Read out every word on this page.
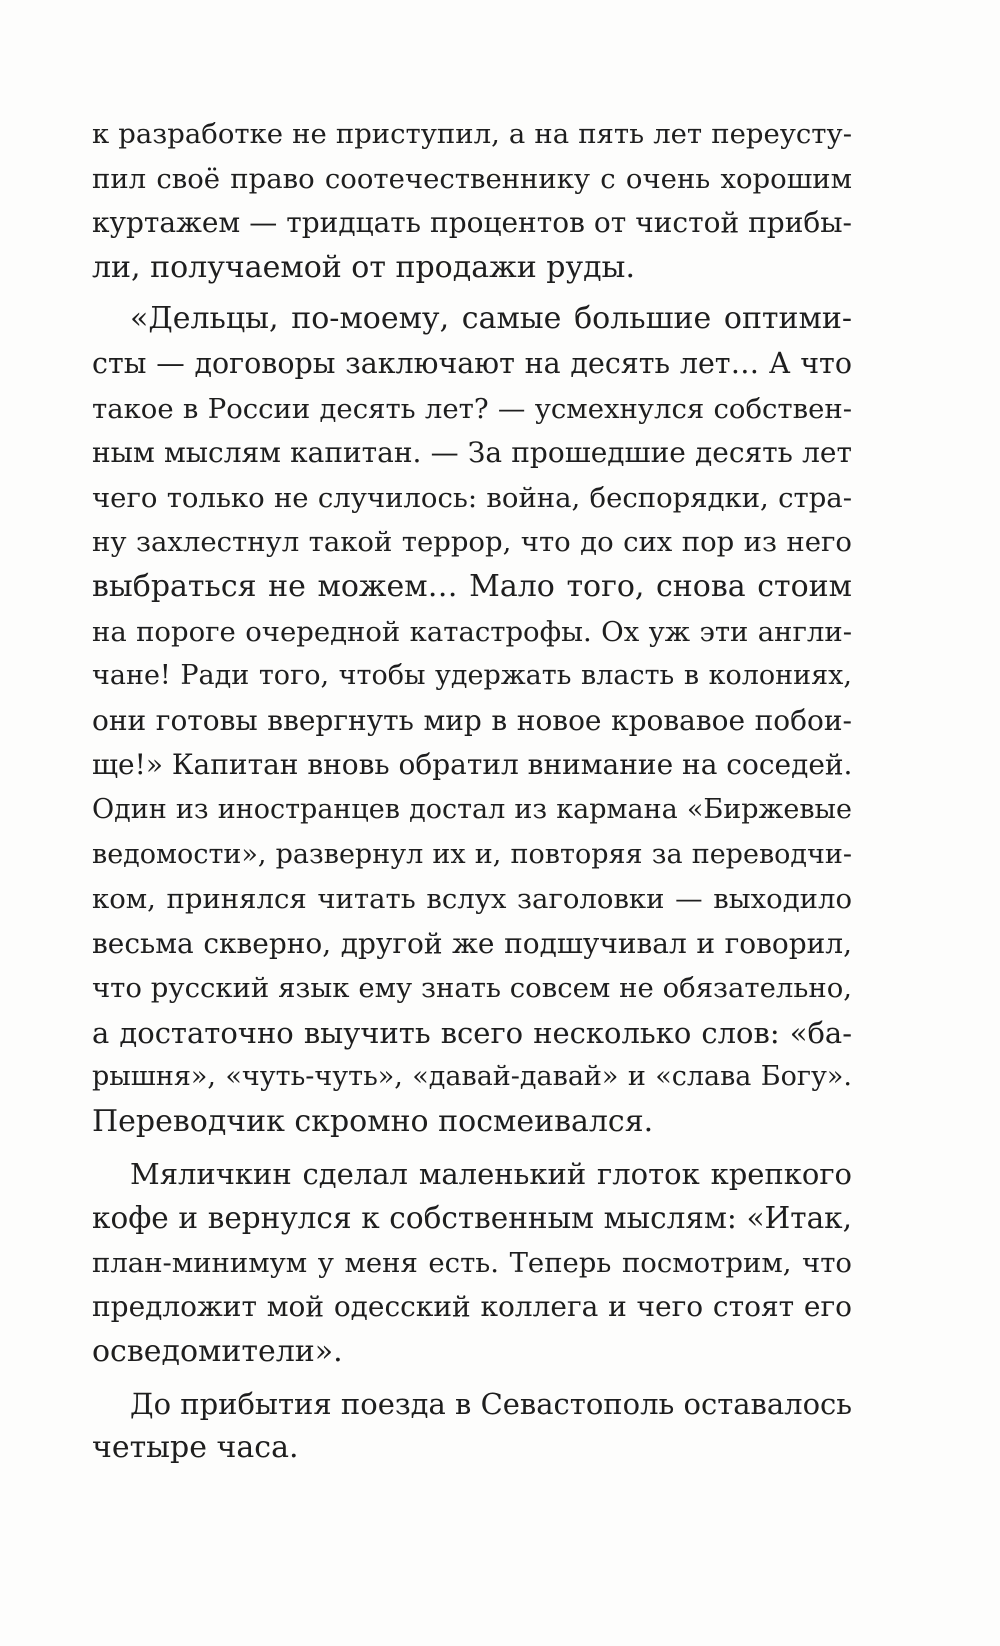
к разработке не приступил, а на пять лет переусту-
пил своё право соотечественнику с очень хорошим
куртажем — тридцать процентов от чистой прибы-
ли, получаемой от продажи руды.
«Дельцы, по-моему, самые большие оптими-
сты — договоры заключают на десять лет… А что
такое в России десять лет? — усмехнулся собствен-
ным мыслям капитан. — За прошедшие десять лет
чего только не случилось: война, беспорядки, стра-
ну захлестнул такой террор, что до сих пор из него
выбраться не можем… Мало того, снова стоим
на пороге очередной катастрофы. Ох уж эти англи-
чане! Ради того, чтобы удержать власть в колониях,
они готовы ввергнуть мир в новое кровавое побои-
ще!» Капитан вновь обратил внимание на соседей.
Один из иностранцев достал из кармана «Биржевые
ведомости», развернул их и, повторяя за переводчи-
ком, принялся читать вслух заголовки — выходило
весьма скверно, другой же подшучивал и говорил,
что русский язык ему знать совсем не обязательно,
а достаточно выучить всего несколько слов: «ба-
рышня», «чуть-чуть», «давай-давай» и «слава Богу».
Переводчик скромно посмеивался.
Мяличкин сделал маленький глоток крепкого
кофе и вернулся к собственным мыслям: «Итак,
план-минимум у меня есть. Теперь посмотрим, что
предложит мой одесский коллега и чего стоят его
осведомители».
До прибытия поезда в Севастополь оставалось
четыре часа.
